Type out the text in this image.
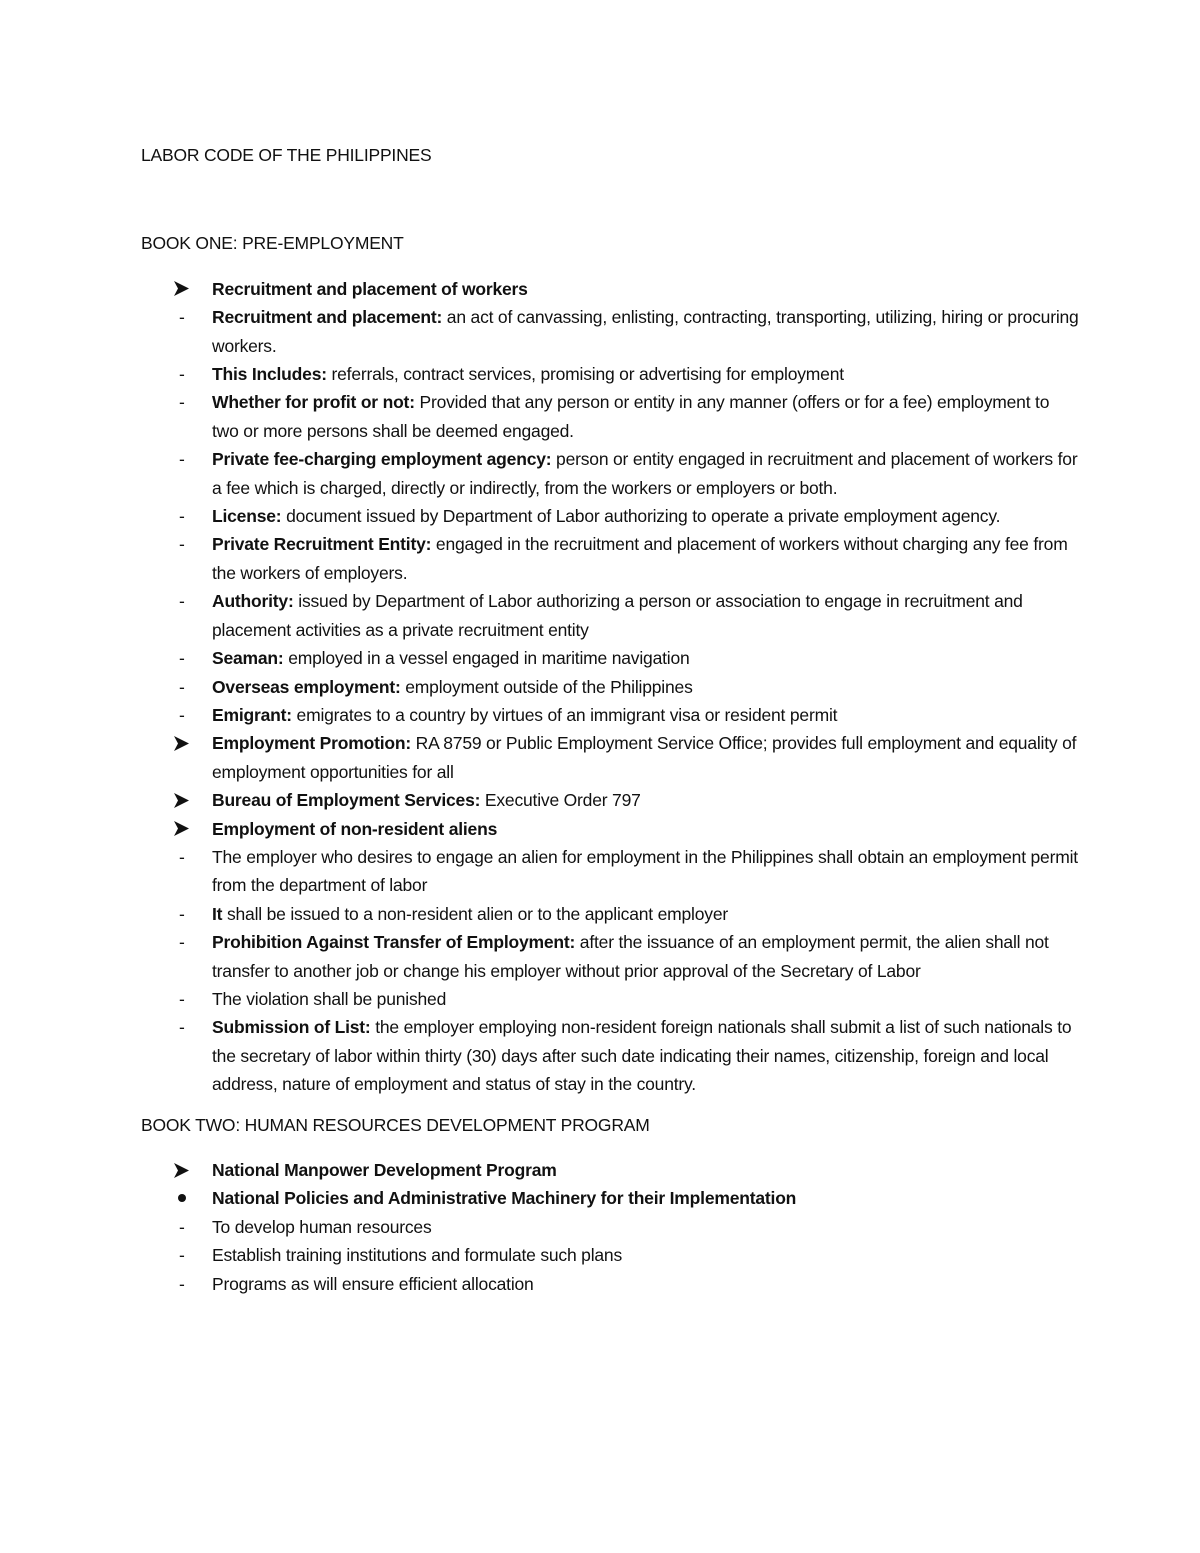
LABOR CODE OF THE PHILIPPINES

BOOK ONE: PRE-EMPLOYMENT

Recruitment and placement of workers
-	Recruitment and placement: an act of canvassing, enlisting, contracting, transporting, utilizing, hiring or procuring workers.
-	This Includes: referrals, contract services, promising or advertising for employment
-	Whether for profit or not: Provided that any person or entity in any manner (offers or for a fee) employment to two or more persons shall be deemed engaged.
-	Private fee-charging employment agency: person or entity engaged in recruitment and placement of workers for a fee which is charged, directly or indirectly, from the workers or employers or both.
-	License: document issued by Department of Labor authorizing to operate a private employment agency.
-	Private Recruitment Entity: engaged in the recruitment and placement of workers without charging any fee from the workers of employers.
-	Authority: issued by Department of Labor authorizing a person or association to engage in recruitment and placement activities as a private recruitment entity
-	Seaman: employed in a vessel engaged in maritime navigation
-	Overseas employment: employment outside of the Philippines
-	Emigrant: emigrates to a country by virtues of an immigrant visa or resident permit
Employment Promotion: RA 8759 or Public Employment Service Office; provides full employment and equality of employment opportunities for all
Bureau of Employment Services: Executive Order 797
Employment of non-resident aliens
-	The employer who desires to engage an alien for employment in the Philippines shall obtain an employment permit from the department of labor
-	It shall be issued to a non-resident alien or to the applicant employer
-	Prohibition Against Transfer of Employment: after the issuance of an employment permit, the alien shall not transfer to another job or change his employer without prior approval of the Secretary of Labor
-	The violation shall be punished
-	Submission of List: the employer employing non-resident foreign nationals shall submit a list of such nationals to the secretary of labor within thirty (30) days after such date indicating their names, citizenship, foreign and local address, nature of employment and status of stay in the country.

BOOK TWO: HUMAN RESOURCES DEVELOPMENT PROGRAM

National Manpower Development Program
National Policies and Administrative Machinery for their Implementation
-	To develop human resources
-	Establish training institutions and formulate such plans
-	Programs as will ensure efficient allocation
